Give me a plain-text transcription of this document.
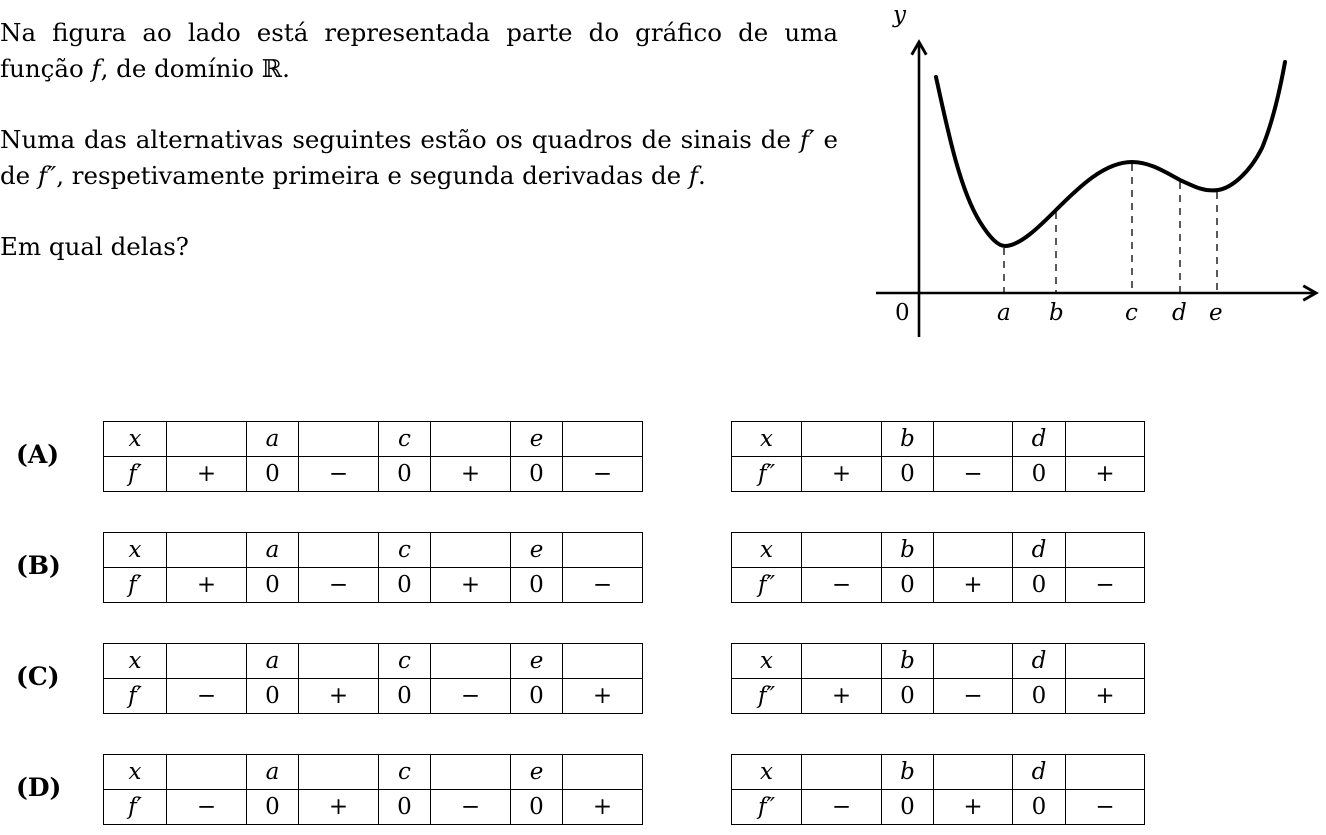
Na figura ao lado está representada parte do gráfico de uma função f, de domínio ℝ.

Numa das alternativas seguintes estão os quadros de sinais de f′ e de f″, respetivamente primeira e segunda derivadas de f.

Em qual delas?

y
0	a b	c d e
(A)
x		a		c		e	
f′	+	0	−	0	+	0	−
x		b		d	
f″	+	0	−	0	+
(B)
x		a		c		e	
f′	+	0	−	0	+	0	−
x		b		d	
f″	−	0	+	0	−
(C)
x		a		c		e	
f′	−	0	+	0	−	0	+
x		b		d	
f″	+	0	−	0	+
(D)
x		a		c		e	
f′	−	0	+	0	−	0	+
x		b		d	
f″	−	0	+	0	−
